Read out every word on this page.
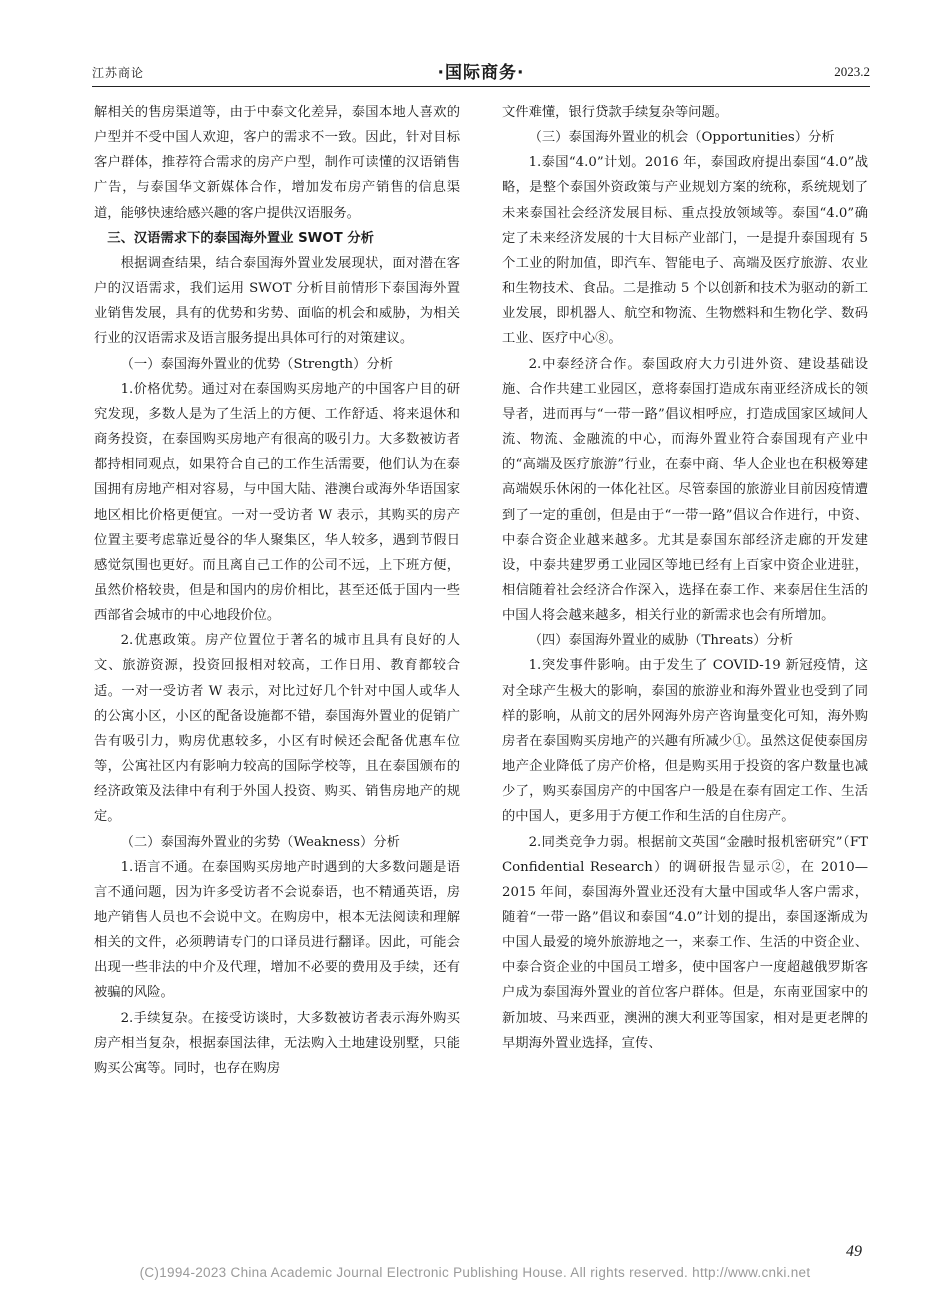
江苏商论	·国际商务·	2023.2

解相关的售房渠道等，由于中泰文化差异，泰国本地人喜欢的户型并不受中国人欢迎，客户的需求不一致。因此，针对目标客户群体，推荐符合需求的房产户型，制作可读懂的汉语销售广告，与泰国华文新媒体合作，增加发布房产销售的信息渠道，能够快速给感兴趣的客户提供汉语服务。

三、汉语需求下的泰国海外置业 SWOT 分析

根据调查结果，结合泰国海外置业发展现状，面对潜在客户的汉语需求，我们运用 SWOT 分析目前情形下泰国海外置业销售发展，具有的优势和劣势、面临的机会和威胁，为相关行业的汉语需求及语言服务提出具体可行的对策建议。

（一）泰国海外置业的优势（Strength）分析

1.价格优势。通过对在泰国购买房地产的中国客户目的研究发现，多数人是为了生活上的方便、工作舒适、将来退休和商务投资，在泰国购买房地产有很高的吸引力。大多数被访者都持相同观点，如果符合自己的工作生活需要，他们认为在泰国拥有房地产相对容易，与中国大陆、港澳台或海外华语国家地区相比价格更便宜。一对一受访者 W 表示，其购买的房产位置主要考虑靠近曼谷的华人聚集区，华人较多，遇到节假日感觉氛围也更好。而且离自己工作的公司不远，上下班方便，虽然价格较贵，但是和国内的房价相比，甚至还低于国内一些西部省会城市的中心地段价位。

2.优惠政策。房产位置位于著名的城市且具有良好的人文、旅游资源，投资回报相对较高，工作日用、教育都较合适。一对一受访者 W 表示，对比过好几个针对中国人或华人的公寓小区，小区的配备设施都不错，泰国海外置业的促销广告有吸引力，购房优惠较多，小区有时候还会配备优惠车位等，公寓社区内有影响力较高的国际学校等，且在泰国颁布的经济政策及法律中有利于外国人投资、购买、销售房地产的规定。

（二）泰国海外置业的劣势（Weakness）分析

1.语言不通。在泰国购买房地产时遇到的大多数问题是语言不通问题，因为许多受访者不会说泰语，也不精通英语，房地产销售人员也不会说中文。在购房中，根本无法阅读和理解相关的文件，必须聘请专门的口译员进行翻译。因此，可能会出现一些非法的中介及代理，增加不必要的费用及手续，还有被骗的风险。

2.手续复杂。在接受访谈时，大多数被访者表示海外购买房产相当复杂，根据泰国法律，无法购入土地建设别墅，只能购买公寓等。同时，也存在购房

文件难懂，银行贷款手续复杂等问题。

（三）泰国海外置业的机会（Opportunities）分析

1.泰国“4.0”计划。2016 年，泰国政府提出泰国“4.0”战略，是整个泰国外资政策与产业规划方案的统称，系统规划了未来泰国社会经济发展目标、重点投放领域等。泰国“4.0”确定了未来经济发展的十大目标产业部门，一是提升泰国现有 5 个工业的附加值，即汽车、智能电子、高端及医疗旅游、农业和生物技术、食品。二是推动 5 个以创新和技术为驱动的新工业发展，即机器人、航空和物流、生物燃料和生物化学、数码工业、医疗中心⑧。

2.中泰经济合作。泰国政府大力引进外资、建设基础设施、合作共建工业园区，意将泰国打造成东南亚经济成长的领导者，进而再与“一带一路”倡议相呼应，打造成国家区域间人流、物流、金融流的中心，而海外置业符合泰国现有产业中的“高端及医疗旅游”行业，在泰中商、华人企业也在积极筹建高端娱乐休闲的一体化社区。尽管泰国的旅游业目前因疫情遭到了一定的重创，但是由于“一带一路”倡议合作进行，中资、中泰合资企业越来越多。尤其是泰国东部经济走廊的开发建设，中泰共建罗勇工业园区等地已经有上百家中资企业进驻，相信随着社会经济合作深入，选择在泰工作、来泰居住生活的中国人将会越来越多，相关行业的新需求也会有所增加。

（四）泰国海外置业的威胁（Threats）分析

1.突发事件影响。由于发生了 COVID-19 新冠疫情，这对全球产生极大的影响，泰国的旅游业和海外置业也受到了同样的影响，从前文的居外网海外房产咨询量变化可知，海外购房者在泰国购买房地产的兴趣有所减少①。虽然这促使泰国房地产企业降低了房产价格，但是购买用于投资的客户数量也减少了，购买泰国房产的中国客户一般是在泰有固定工作、生活的中国人，更多用于方便工作和生活的自住房产。

2.同类竞争力弱。根据前文英国“金融时报机密研究”（FT Confidential Research）的调研报告显示②，在 2010—2015 年间，泰国海外置业还没有大量中国或华人客户需求，随着“一带一路”倡议和泰国“4.0”计划的提出，泰国逐渐成为中国人最爱的境外旅游地之一，来泰工作、生活的中资企业、中泰合资企业的中国员工增多，使中国客户一度超越俄罗斯客户成为泰国海外置业的首位客户群体。但是，东南亚国家中的新加坡、马来西亚，澳洲的澳大利亚等国家，相对是更老牌的早期海外置业选择，宣传、

49
(C)1994-2023 China Academic Journal Electronic Publishing House. All rights reserved. http://www.cnki.net
